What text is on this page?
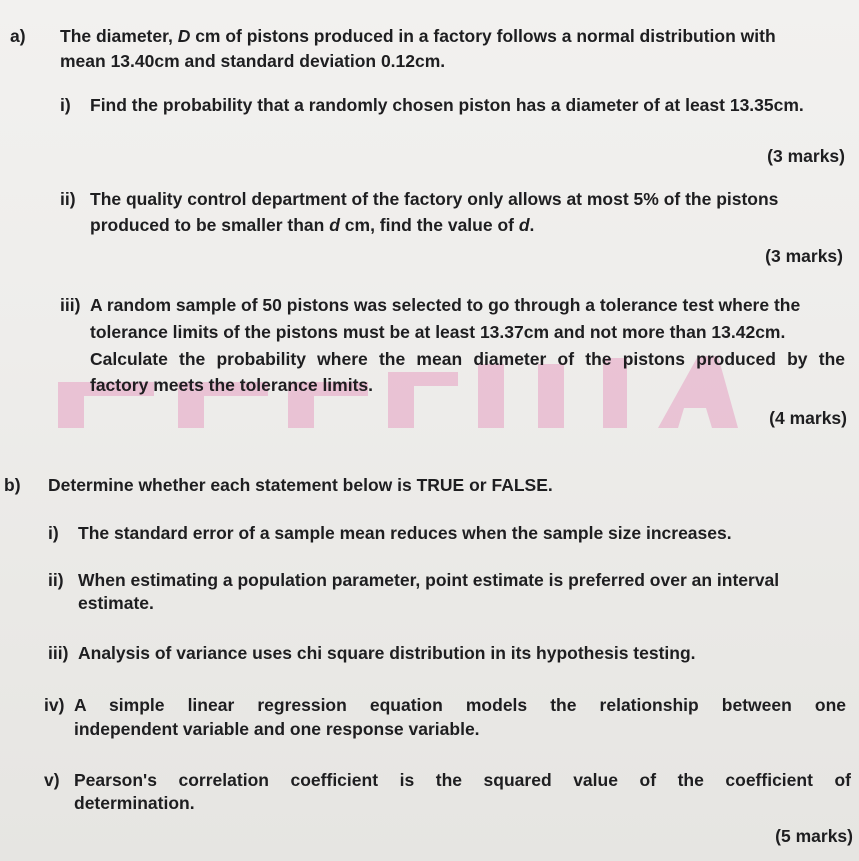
a) The diameter, D cm of pistons produced in a factory follows a normal distribution with
mean 13.40cm and standard deviation 0.12cm.
i) Find the probability that a randomly chosen piston has a diameter of at least 13.35cm.
(3 marks)
ii) The quality control department of the factory only allows at most 5% of the pistons
produced to be smaller than d cm, find the value of d.
(3 marks)
iii) A random sample of 50 pistons was selected to go through a tolerance test where the
tolerance limits of the pistons must be at least 13.37cm and not more than 13.42cm.
Calculate the probability where the mean diameter of the pistons produced by the
factory meets the tolerance limits.
(4 marks)
b) Determine whether each statement below is TRUE or FALSE.
i) The standard error of a sample mean reduces when the sample size increases.
ii) When estimating a population parameter, point estimate is preferred over an interval
estimate.
iii) Analysis of variance uses chi square distribution in its hypothesis testing.
iv) A simple linear regression equation models the relationship between one
independent variable and one response variable.
v) Pearson's correlation coefficient is the squared value of the coefficient of
determination.
(5 marks)
